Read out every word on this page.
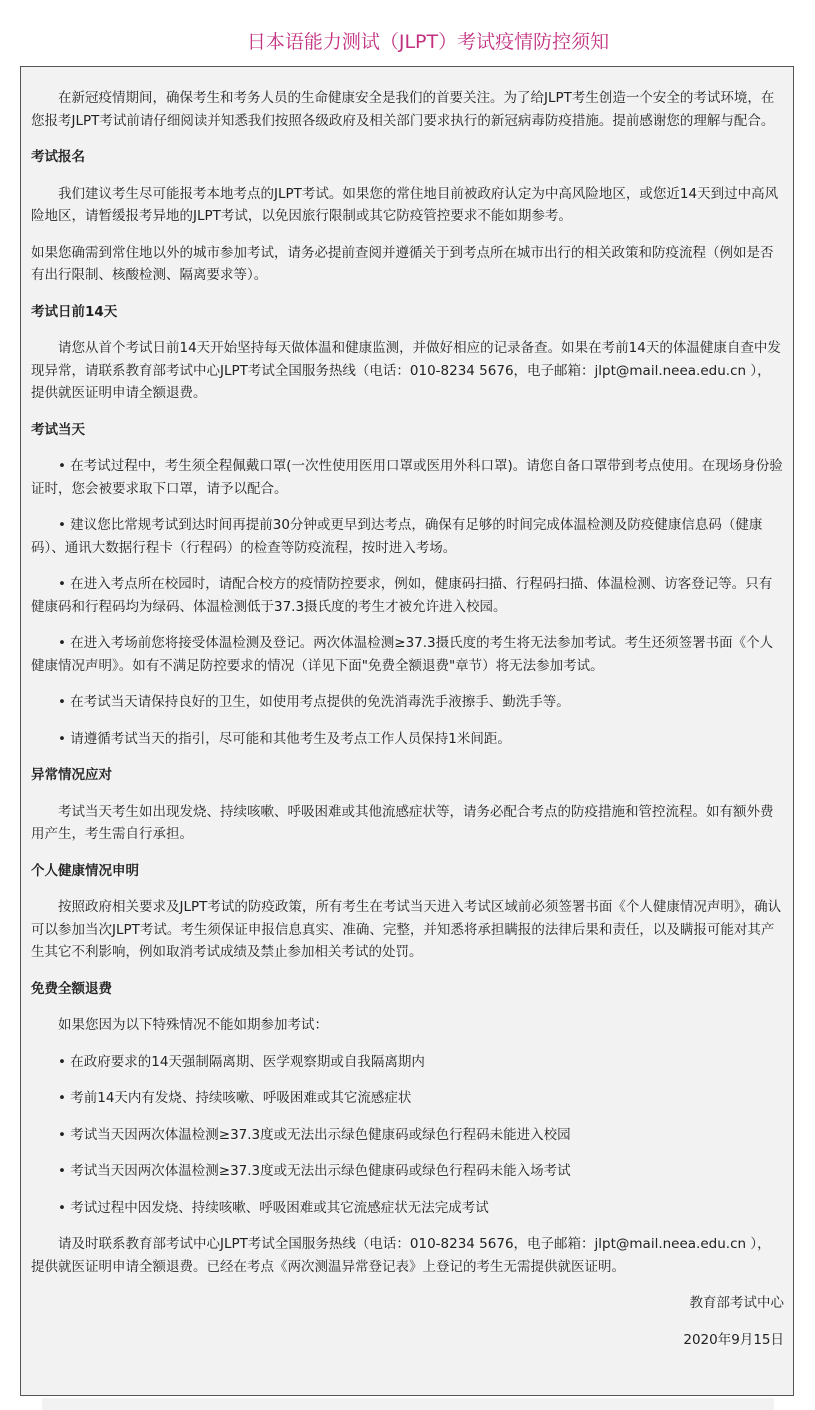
日本语能力测试（JLPT）考试疫情防控须知

在新冠疫情期间，确保考生和考务人员的生命健康安全是我们的首要关注。为了给JLPT考生创造一个安全的考试环境，在您报考JLPT考试前请仔细阅读并知悉我们按照各级政府及相关部门要求执行的新冠病毒防疫措施。提前感谢您的理解与配合。

考试报名

我们建议考生尽可能报考本地考点的JLPT考试。如果您的常住地目前被政府认定为中高风险地区，或您近14天到过中高风险地区，请暂缓报考异地的JLPT考试，以免因旅行限制或其它防疫管控要求不能如期参考。

如果您确需到常住地以外的城市参加考试，请务必提前查阅并遵循关于到考点所在城市出行的相关政策和防疫流程（例如是否有出行限制、核酸检测、隔离要求等）。

考试日前14天

请您从首个考试日前14天开始坚持每天做体温和健康监测，并做好相应的记录备查。如果在考前14天的体温健康自查中发现异常，请联系教育部考试中心JLPT考试全国服务热线（电话：010-8234 5676，电子邮箱：jlpt@mail.neea.edu.cn ），提供就医证明申请全额退费。

考试当天

• 在考试过程中，考生须全程佩戴口罩(一次性使用医用口罩或医用外科口罩)。请您自备口罩带到考点使用。在现场身份验证时，您会被要求取下口罩，请予以配合。

• 建议您比常规考试到达时间再提前30分钟或更早到达考点，确保有足够的时间完成体温检测及防疫健康信息码（健康码）、通讯大数据行程卡（行程码）的检查等防疫流程，按时进入考场。

• 在进入考点所在校园时，请配合校方的疫情防控要求，例如，健康码扫描、行程码扫描、体温检测、访客登记等。只有健康码和行程码均为绿码、体温检测低于37.3摄氏度的考生才被允许进入校园。

• 在进入考场前您将接受体温检测及登记。两次体温检测≥37.3摄氏度的考生将无法参加考试。考生还须签署书面《个人健康情况声明》。如有不满足防控要求的情况（详见下面"免费全额退费"章节）将无法参加考试。

• 在考试当天请保持良好的卫生，如使用考点提供的免洗消毒洗手液擦手、勤洗手等。

• 请遵循考试当天的指引，尽可能和其他考生及考点工作人员保持1米间距。

异常情况应对

考试当天考生如出现发烧、持续咳嗽、呼吸困难或其他流感症状等，请务必配合考点的防疫措施和管控流程。如有额外费用产生，考生需自行承担。

个人健康情况申明

按照政府相关要求及JLPT考试的防疫政策，所有考生在考试当天进入考试区域前必须签署书面《个人健康情况声明》，确认可以参加当次JLPT考试。考生须保证申报信息真实、准确、完整，并知悉将承担瞒报的法律后果和责任，以及瞒报可能对其产生其它不利影响，例如取消考试成绩及禁止参加相关考试的处罚。

免费全额退费

如果您因为以下特殊情况不能如期参加考试：

• 在政府要求的14天强制隔离期、医学观察期或自我隔离期内

• 考前14天内有发烧、持续咳嗽、呼吸困难或其它流感症状

• 考试当天因两次体温检测≥37.3度或无法出示绿色健康码或绿色行程码未能进入校园

• 考试当天因两次体温检测≥37.3度或无法出示绿色健康码或绿色行程码未能入场考试

• 考试过程中因发烧、持续咳嗽、呼吸困难或其它流感症状无法完成考试

请及时联系教育部考试中心JLPT考试全国服务热线（电话：010-8234 5676，电子邮箱：jlpt@mail.neea.edu.cn ），提供就医证明申请全额退费。已经在考点《两次测温异常登记表》上登记的考生无需提供就医证明。

教育部考试中心

2020年9月15日
